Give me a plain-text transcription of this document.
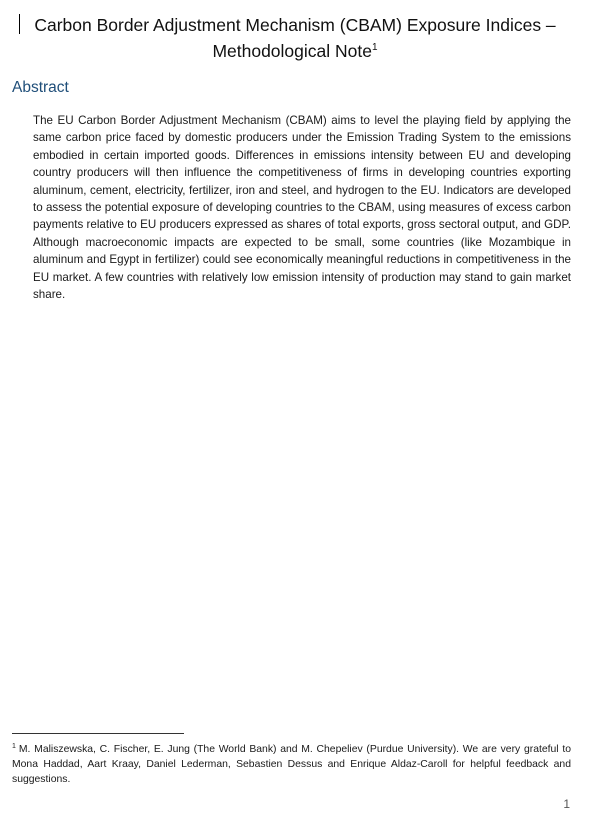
Carbon Border Adjustment Mechanism (CBAM) Exposure Indices –
Methodological Note$^1$
Abstract
The EU Carbon Border Adjustment Mechanism (CBAM) aims to level the playing field by applying the same carbon price faced by domestic producers under the Emission Trading System to the emissions embodied in certain imported goods. Differences in emissions intensity between EU and developing country producers will then influence the competitiveness of firms in developing countries exporting aluminum, cement, electricity, fertilizer, iron and steel, and hydrogen to the EU. Indicators are developed to assess the potential exposure of developing countries to the CBAM, using measures of excess carbon payments relative to EU producers expressed as shares of total exports, gross sectoral output, and GDP. Although macroeconomic impacts are expected to be small, some countries (like Mozambique in aluminum and Egypt in fertilizer) could see economically meaningful reductions in competitiveness in the EU market. A few countries with relatively low emission intensity of production may stand to gain market share.
$^1$ M. Maliszewska, C. Fischer, E. Jung (The World Bank) and M. Chepeliev (Purdue University). We are very grateful to Mona Haddad, Aart Kraay, Daniel Lederman, Sebastien Dessus and Enrique Aldaz-Caroll for helpful feedback and suggestions.
1
